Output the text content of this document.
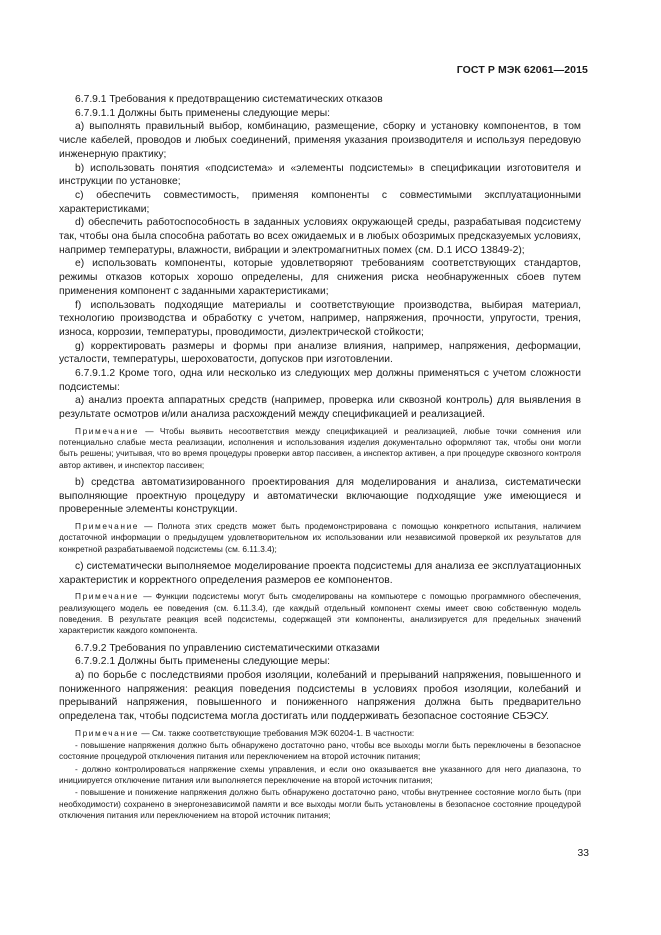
ГОСТ Р МЭК 62061—2015

6.7.9.1 Требования к предотвращению систематических отказов

6.7.9.1.1 Должны быть применены следующие меры:

a) выполнять правильный выбор, комбинацию, размещение, сборку и установку компонентов, в том числе кабелей, проводов и любых соединений, применяя указания производителя и используя передовую инженерную практику;

b) использовать понятия «подсистема» и «элементы подсистемы» в спецификации изготовителя и инструкции по установке;

c) обеспечить совместимость, применяя компоненты с совместимыми эксплуатационными характеристиками;

d) обеспечить работоспособность в заданных условиях окружающей среды, разрабатывая подсистему так, чтобы она была способна работать во всех ожидаемых и в любых обозримых предсказуемых условиях, например температуры, влажности, вибрации и электромагнитных помех (см. D.1 ИСО 13849-2);

e) использовать компоненты, которые удовлетворяют требованиям соответствующих стандартов, режимы отказов которых хорошо определены, для снижения риска необнаруженных сбоев путем применения компонент с заданными характеристиками;

f) использовать подходящие материалы и соответствующие производства, выбирая материал, технологию производства и обработку с учетом, например, напряжения, прочности, упругости, трения, износа, коррозии, температуры, проводимости, диэлектрической стойкости;

g) корректировать размеры и формы при анализе влияния, например, напряжения, деформации, усталости, температуры, шероховатости, допусков при изготовлении.

6.7.9.1.2 Кроме того, одна или несколько из следующих мер должны применяться с учетом сложности подсистемы:

a) анализ проекта аппаратных средств (например, проверка или сквозной контроль) для выявления в результате осмотров и/или анализа расхождений между спецификацией и реализацией.

Примечание — Чтобы выявить несоответствия между спецификацией и реализацией, любые точки сомнения или потенциально слабые места реализации, исполнения и использования изделия документально оформляют так, чтобы они могли быть решены; учитывая, что во время процедуры проверки автор пассивен, а инспектор активен, а при процедуре сквозного контроля автор активен, и инспектор пассивен;

b) средства автоматизированного проектирования для моделирования и анализа, систематически выполняющие проектную процедуру и автоматически включающие подходящие уже имеющиеся и проверенные элементы конструкции.

Примечание — Полнота этих средств может быть продемонстрирована с помощью конкретного испытания, наличием достаточной информации о предыдущем удовлетворительном их использовании или независимой проверкой их результатов для конкретной разрабатываемой подсистемы (см. 6.11.3.4);

c) систематически выполняемое моделирование проекта подсистемы для анализа ее эксплуатационных характеристик и корректного определения размеров ее компонентов.

Примечание — Функции подсистемы могут быть смоделированы на компьютере с помощью программного обеспечения, реализующего модель ее поведения (см. 6.11.3.4), где каждый отдельный компонент схемы имеет свою собственную модель поведения. В результате реакция всей подсистемы, содержащей эти компоненты, анализируется для предельных значений характеристик каждого компонента.

6.7.9.2 Требования по управлению систематическими отказами

6.7.9.2.1 Должны быть применены следующие меры:

a) по борьбе с последствиями пробоя изоляции, колебаний и прерываний напряжения, повышенного и пониженного напряжения: реакция поведения подсистемы в условиях пробоя изоляции, колебаний и прерываний напряжения, повышенного и пониженного напряжения должна быть предварительно определена так, чтобы подсистема могла достигать или поддерживать безопасное состояние СБЭСУ.

Примечание — См. также соответствующие требования МЭК 60204-1. В частности:

- повышение напряжения должно быть обнаружено достаточно рано, чтобы все выходы могли быть переключены в безопасное состояние процедурой отключения питания или переключением на второй источник питания;

- должно контролироваться напряжение схемы управления, и если оно оказывается вне указанного для него диапазона, то инициируется отключение питания или выполняется переключение на второй источник питания;

- повышение и понижение напряжения должно быть обнаружено достаточно рано, чтобы внутреннее состояние могло быть (при необходимости) сохранено в энергонезависимой памяти и все выходы могли быть установлены в безопасное состояние процедурой отключения питания или переключением на второй источник питания;

33
